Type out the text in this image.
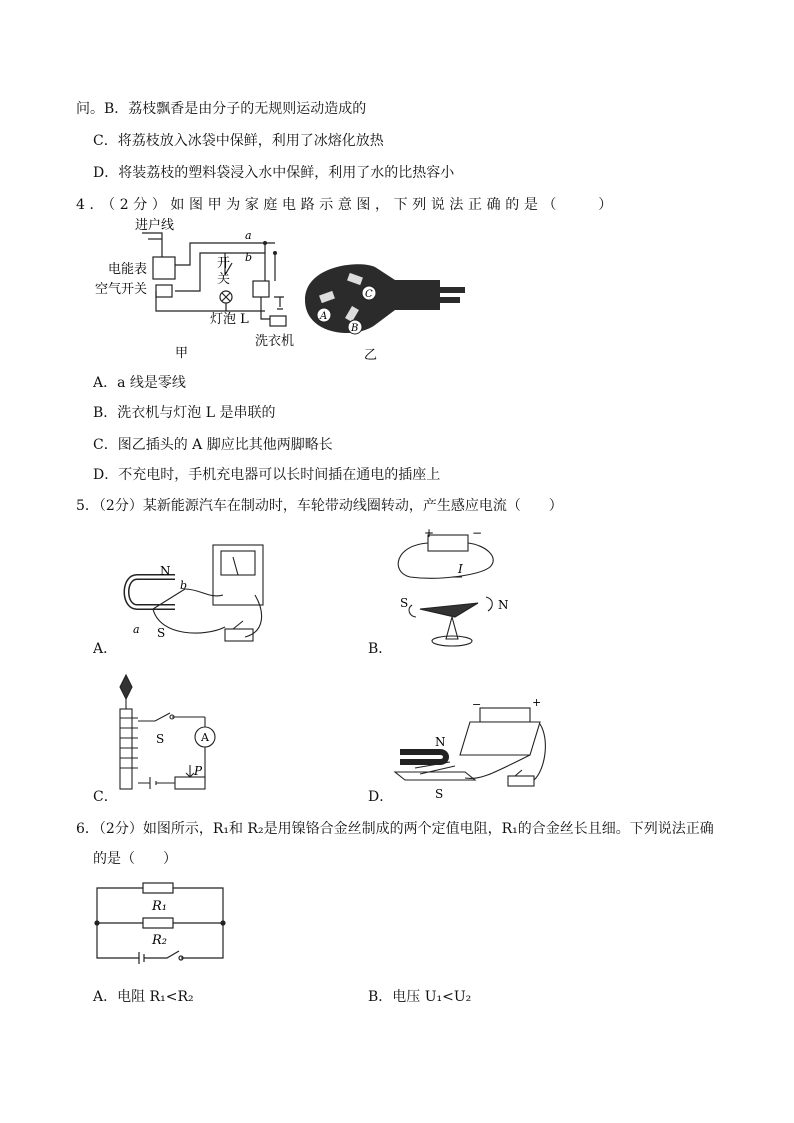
问。B．荔枝飘香是由分子的无规则运动造成的
C．将荔枝放入冰袋中保鲜，利用了冰熔化放热
D．将装荔枝的塑料袋浸入水中保鲜，利用了水的比热容小
4．（2分）如图甲为家庭电路示意图，下列说法正确的是（　　）
进户线
电能表
空气开关
开
关
a
b
灯泡 L
洗衣机
甲
A
C
B
乙
A．a 线是零线
B．洗衣机与灯泡 L 是串联的
C．图乙插头的 A 脚应比其他两脚略长
D．不充电时，手机充电器可以长时间插在通电的插座上
5．（2分）某新能源汽车在制动时，车轮带动线圈转动，产生感应电流（　　）
N
b
a S
A．
+	−
I
S	N
B．
S	A
P
C．
N
S
−	+
D．
6．（2分）如图所示，R₁和 R₂是用镍铬合金丝制成的两个定值电阻，R₁的合金丝长且细。下列说法正确
的是（　　）
R₁
R₂
A．电阻 R₁<R₂	B．电压 U₁<U₂
